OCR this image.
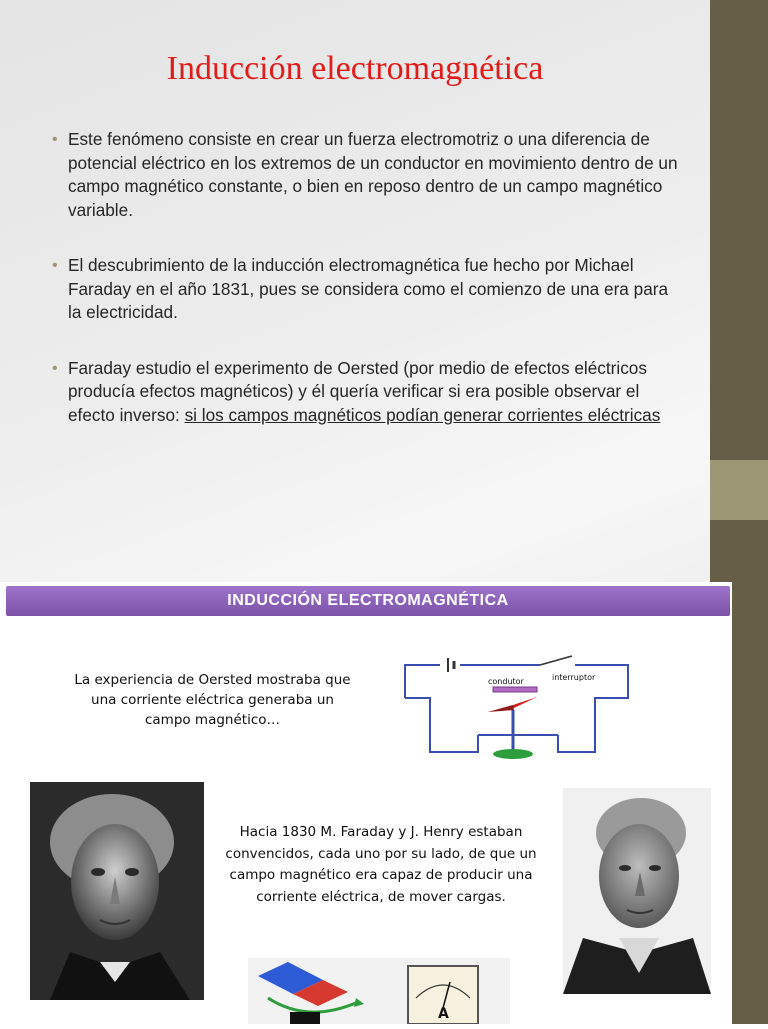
Inducción electromagnética
• Este fenómeno consiste en crear un fuerza electromotriz o una diferencia de potencial eléctrico en los extremos de un conductor en movimiento dentro de un campo magnético constante, o bien en reposo dentro de un campo magnético variable.
• El descubrimiento de la inducción electromagnética fue hecho por Michael Faraday en el año 1831, pues se considera como el comienzo de una era para la electricidad.
• Faraday estudio el experimento de Oersted (por medio de efectos eléctricos producía efectos magnéticos) y él quería verificar si era posible observar el efecto inverso: si los campos magnéticos podían generar corrientes eléctricas
INDUCCIÓN ELECTROMAGNÉTICA
La experiencia de Oersted mostraba que una corriente eléctrica generaba un campo magnético…
interruptor
condutor
Hacia 1830 M. Faraday y J. Henry estaban convencidos, cada uno por su lado, de que un campo magnético era capaz de producir una corriente eléctrica, de mover cargas.
A
